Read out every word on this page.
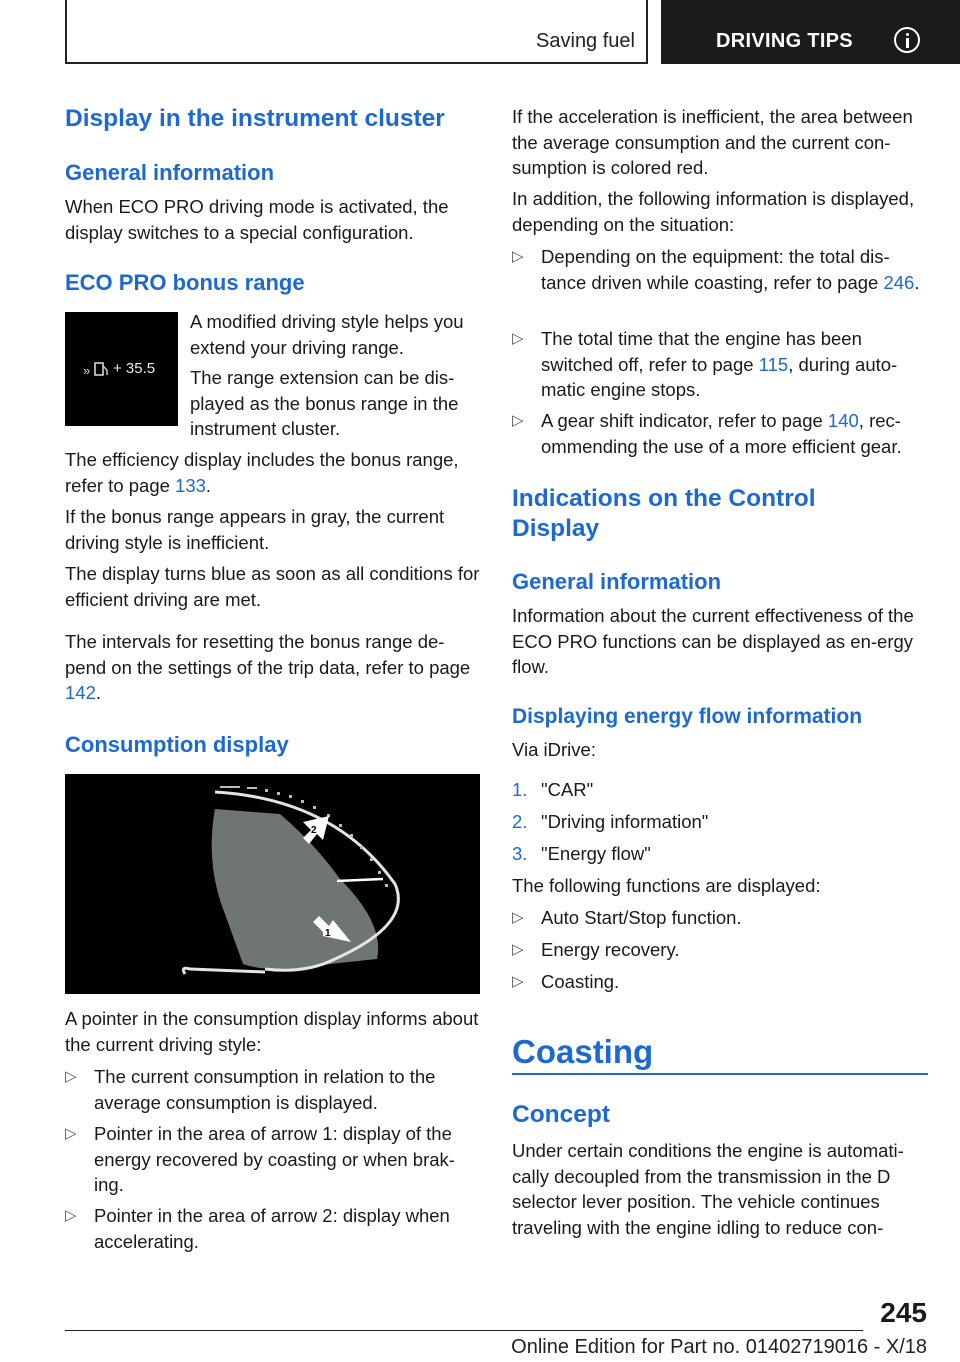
Saving fuel	DRIVING TIPS
Display in the instrument cluster
General information

When ECO PRO driving mode is activated, the display switches to a special configuration.

ECO PRO bonus range
» + 35.5

A modified driving style helps you extend your driving range.

The range extension can be dis-played as the bonus range in the instrument cluster.

The efficiency display includes the bonus range, refer to page 133.

If the bonus range appears in gray, the current driving style is inefficient.

The display turns blue as soon as all conditions for efficient driving are met.

The intervals for resetting the bonus range de-pend on the settings of the trip data, refer to page 142.

Consumption display
2
1

A pointer in the consumption display informs about the current driving style:

▷ The current consumption in relation to the average consumption is displayed.
▷ Pointer in the area of arrow 1: display of the energy recovered by coasting or when brak-ing.
▷ Pointer in the area of arrow 2: display when accelerating.

If the acceleration is inefficient, the area between the average consumption and the current con-sumption is colored red.

In addition, the following information is displayed, depending on the situation:

▷ Depending on the equipment: the total dis-tance driven while coasting, refer to page 246.
▷ The total time that the engine has been switched off, refer to page 115, during auto-matic engine stops.
▷ A gear shift indicator, refer to page 140, rec-ommending the use of a more efficient gear.
Indications on the Control Display
General information

Information about the current effectiveness of the ECO PRO functions can be displayed as en-ergy flow.

Displaying energy flow information

Via iDrive:

1. "CAR"
2. "Driving information"
3. "Energy flow"

The following functions are displayed:

▷ Auto Start/Stop function.
▷ Energy recovery.
▷ Coasting.
Coasting
Concept

Under certain conditions the engine is automati-cally decoupled from the transmission in the D selector lever position. The vehicle continues traveling with the engine idling to reduce con-

245
Online Edition for Part no. 01402719016 - X/18
